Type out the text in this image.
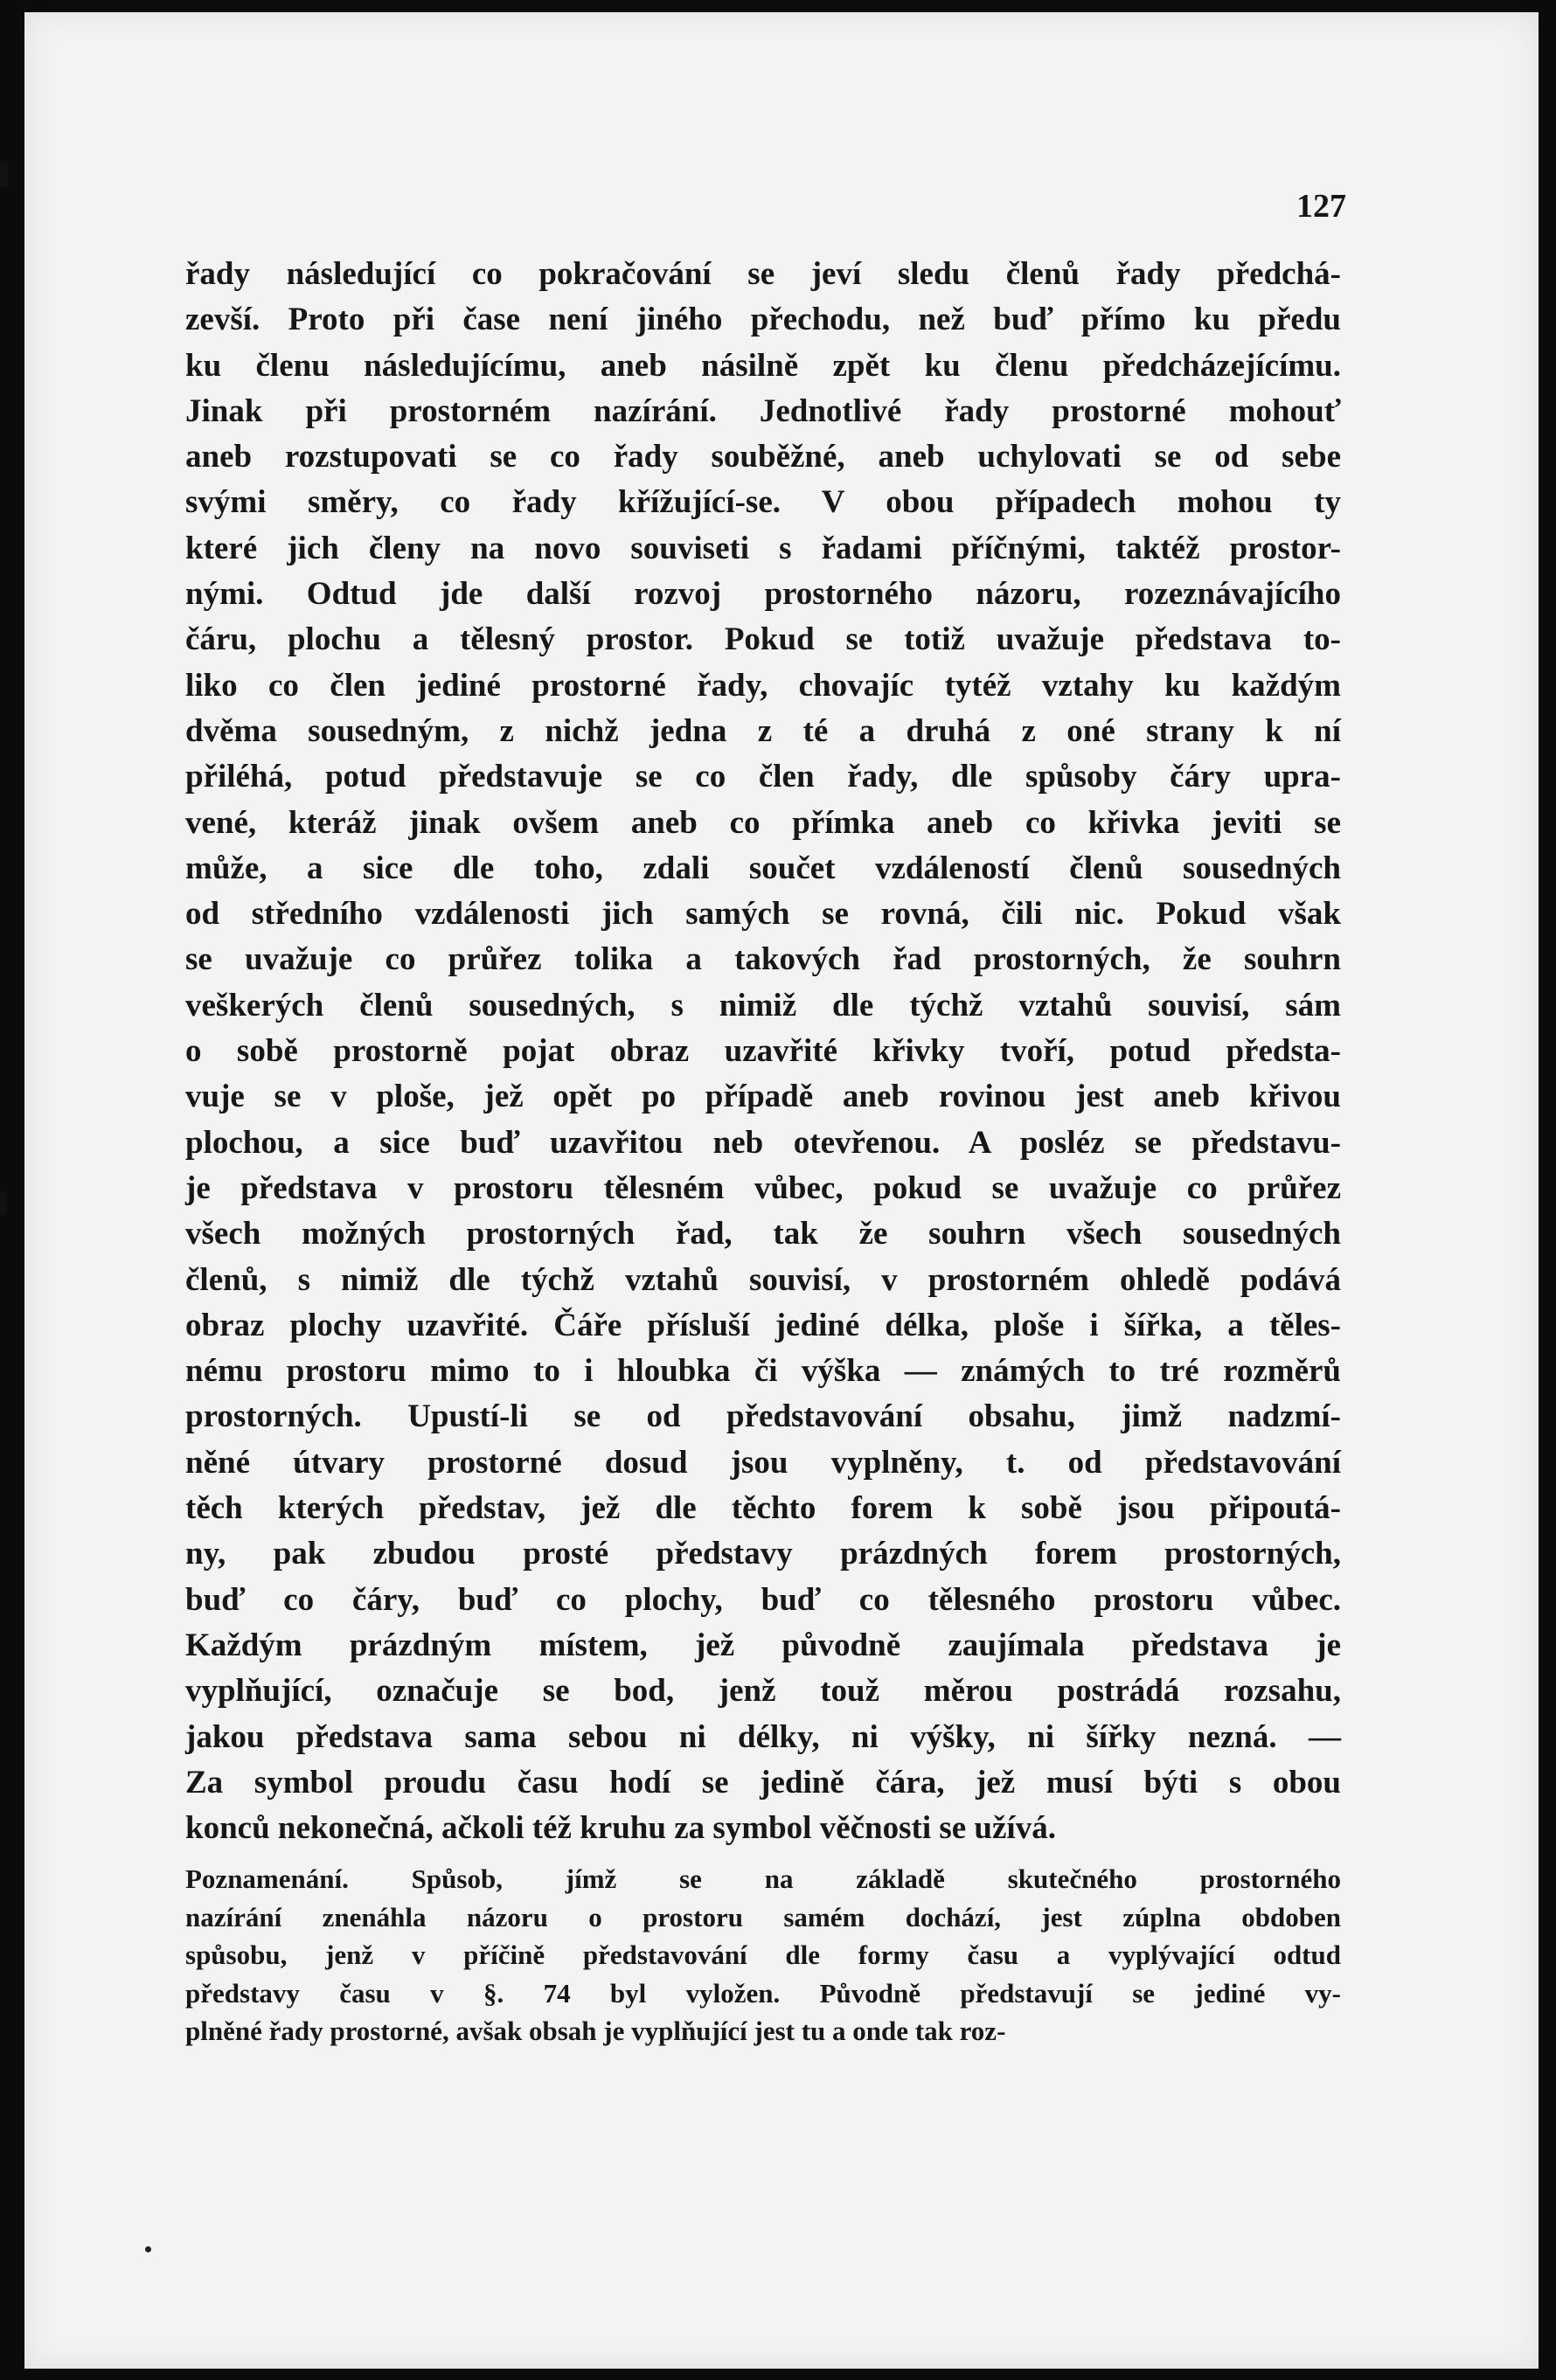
127
řady následující co pokračování se jeví sledu členů řady předchá-
zevší. Proto při čase není jiného přechodu, než buď přímo ku předu
ku členu následujícímu, aneb násilně zpět ku členu předcházejícímu.
Jinak při prostorném nazírání. Jednotlivé řady prostorné mohouť
aneb rozstupovati se co řady souběžné, aneb uchylovati se od sebe
svými směry, co řady křížující-se. V obou případech mohou ty
které jich členy na novo souviseti s řadami příčnými, taktéž prostor-
nými. Odtud jde další rozvoj prostorného názoru, rozeznávajícího
čáru, plochu a tělesný prostor. Pokud se totiž uvažuje představa to-
liko co člen jediné prostorné řady, chovajíc tytéž vztahy ku každým
dvěma sousedným, z nichž jedna z té a druhá z oné strany k ní
přiléhá, potud představuje se co člen řady, dle spůsoby čáry upra-
vené, kteráž jinak ovšem aneb co přímka aneb co křivka jeviti se
může, a sice dle toho, zdali součet vzdáleností členů sousedných
od středního vzdálenosti jich samých se rovná, čili nic. Pokud však
se uvažuje co průřez tolika a takových řad prostorných, že souhrn
veškerých členů sousedných, s nimiž dle týchž vztahů souvisí, sám
o sobě prostorně pojat obraz uzavřité křivky tvoří, potud předsta-
vuje se v ploše, jež opět po případě aneb rovinou jest aneb křivou
plochou, a sice buď uzavřitou neb otevřenou. A posléz se představu-
je představa v prostoru tělesném vůbec, pokud se uvažuje co průřez
všech možných prostorných řad, tak že souhrn všech sousedných
členů, s nimiž dle týchž vztahů souvisí, v prostorném ohledě podává
obraz plochy uzavřité. Čáře přísluší jediné délka, ploše i šířka, a těles-
nému prostoru mimo to i hloubka či výška — známých to tré rozměrů
prostorných. Upustí-li se od představování obsahu, jimž nadzmí-
něné útvary prostorné dosud jsou vyplněny, t. od představování
těch kterých představ, jež dle těchto forem k sobě jsou připoutá-
ny, pak zbudou prosté představy prázdných forem prostorných,
buď co čáry, buď co plochy, buď co tělesného prostoru vůbec.
Každým prázdným místem, jež původně zaujímala představa je
vyplňující, označuje se bod, jenž touž měrou postrádá rozsahu,
jakou představa sama sebou ni délky, ni výšky, ni šířky nezná. —
Za symbol proudu času hodí se jedině čára, jež musí býti s obou
konců nekonečná, ačkoli též kruhu za symbol věčnosti se užívá.
Poznamenání. Spůsob, jímž se na základě skutečného prostorného
nazírání znenáhla názoru o prostoru samém dochází, jest zúplna obdoben
spůsobu, jenž v příčině představování dle formy času a vyplývající odtud
představy času v §. 74 byl vyložen. Původně představují se jediné vy-
plněné řady prostorné, avšak obsah je vyplňující jest tu a onde tak roz-
